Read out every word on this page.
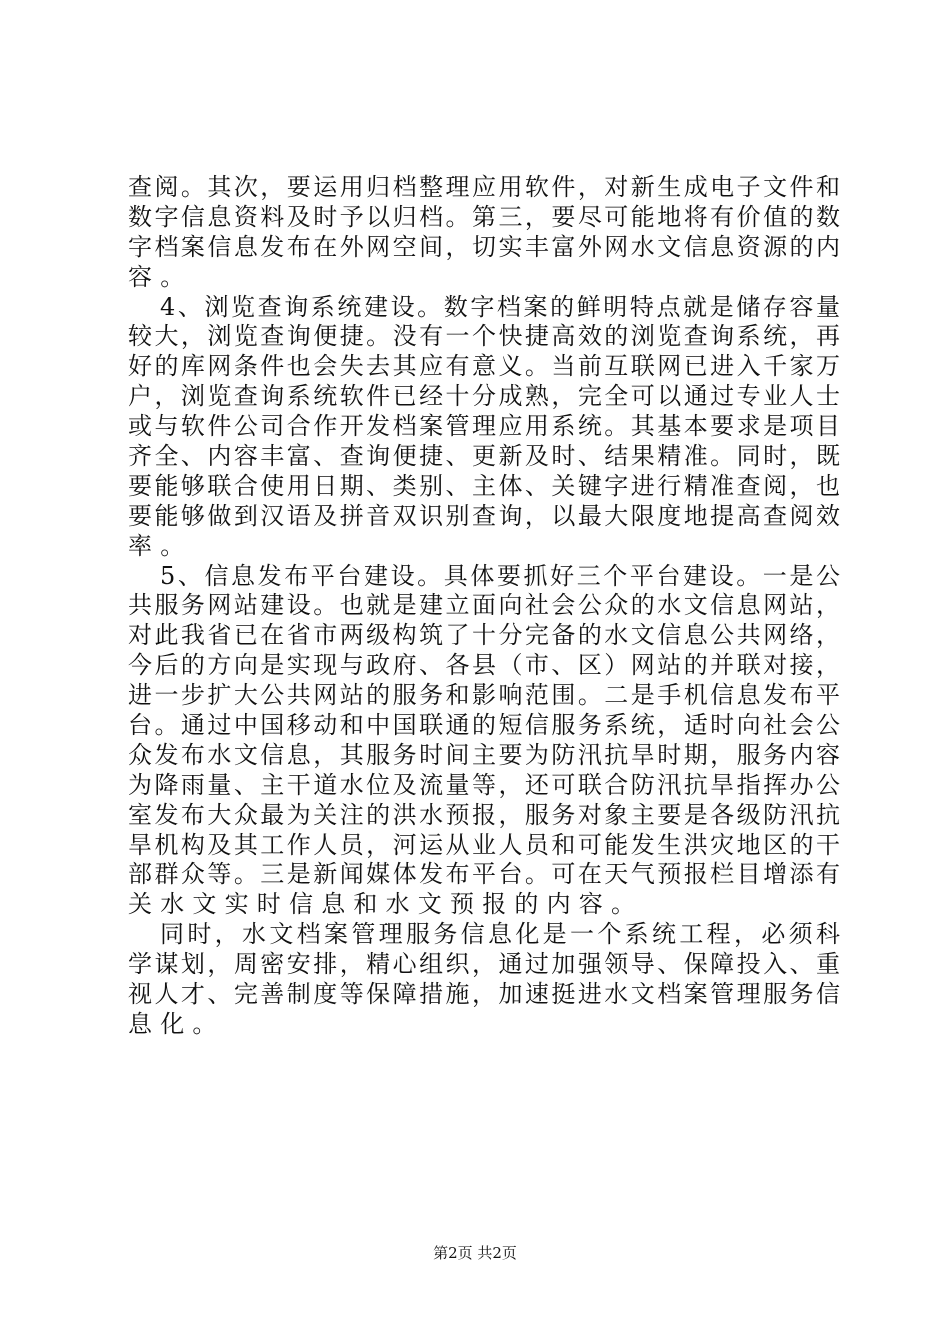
查阅。其次，要运用归档整理应用软件，对新生成电子文件和
数字信息资料及时予以归档。第三，要尽可能地将有价值的数
字档案信息发布在外网空间，切实丰富外网水文信息资源的内
容。
4、浏览查询系统建设。数字档案的鲜明特点就是储存容量
较大，浏览查询便捷。没有一个快捷高效的浏览查询系统，再
好的库网条件也会失去其应有意义。当前互联网已进入千家万
户，浏览查询系统软件已经十分成熟，完全可以通过专业人士
或与软件公司合作开发档案管理应用系统。其基本要求是项目
齐全、内容丰富、查询便捷、更新及时、结果精准。同时，既
要能够联合使用日期、类别、主体、关键字进行精准查阅，也
要能够做到汉语及拼音双识别查询，以最大限度地提高查阅效
率。
5、信息发布平台建设。具体要抓好三个平台建设。一是公
共服务网站建设。也就是建立面向社会公众的水文信息网站，
对此我省已在省市两级构筑了十分完备的水文信息公共网络，
今后的方向是实现与政府、各县（市、区）网站的并联对接，
进一步扩大公共网站的服务和影响范围。二是手机信息发布平
台。通过中国移动和中国联通的短信服务系统，适时向社会公
众发布水文信息，其服务时间主要为防汛抗旱时期，服务内容
为降雨量、主干道水位及流量等，还可联合防汛抗旱指挥办公
室发布大众最为关注的洪水预报，服务对象主要是各级防汛抗
旱机构及其工作人员，河运从业人员和可能发生洪灾地区的干
部群众等。三是新闻媒体发布平台。可在天气预报栏目增添有
关水文实时信息和水文预报的内容。
同时，水文档案管理服务信息化是一个系统工程，必须科
学谋划，周密安排，精心组织，通过加强领导、保障投入、重
视人才、完善制度等保障措施，加速挺进水文档案管理服务信
息化。
第2页 共2页
